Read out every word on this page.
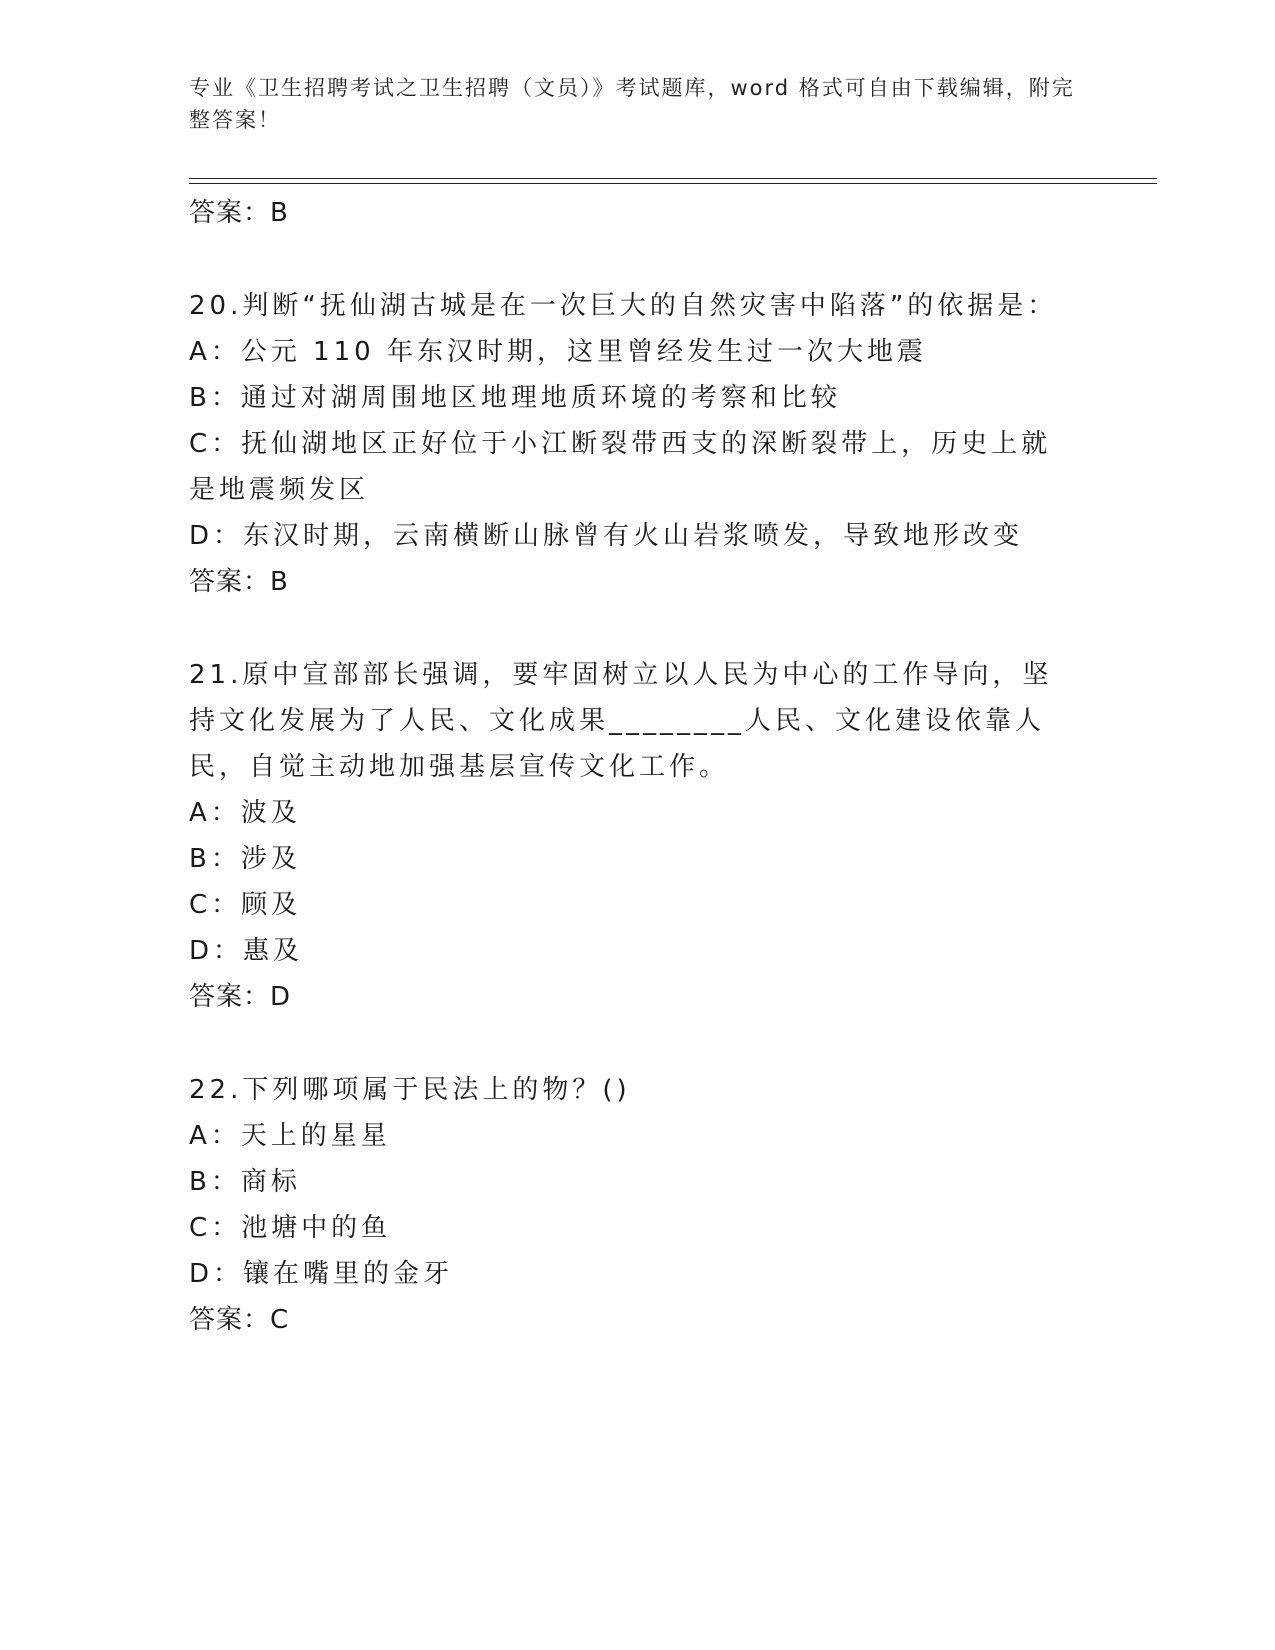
专业《卫生招聘考试之卫生招聘（文员）》考试题库，word 格式可自由下载编辑，附完整答案！
答案：B
20.判断“抚仙湖古城是在一次巨大的自然灾害中陷落”的依据是：
A：公元 110 年东汉时期，这里曾经发生过一次大地震
B：通过对湖周围地区地理地质环境的考察和比较
C：抚仙湖地区正好位于小江断裂带西支的深断裂带上，历史上就是地震频发区
D：东汉时期，云南横断山脉曾有火山岩浆喷发，导致地形改变
答案：B
21.原中宣部部长强调，要牢固树立以人民为中心的工作导向，坚持文化发展为了人民、文化成果________人民、文化建设依靠人民，自觉主动地加强基层宣传文化工作。
A：波及
B：涉及
C：顾及
D：惠及
答案：D
22.下列哪项属于民法上的物？()
A：天上的星星
B：商标
C：池塘中的鱼
D：镶在嘴里的金牙
答案：C
